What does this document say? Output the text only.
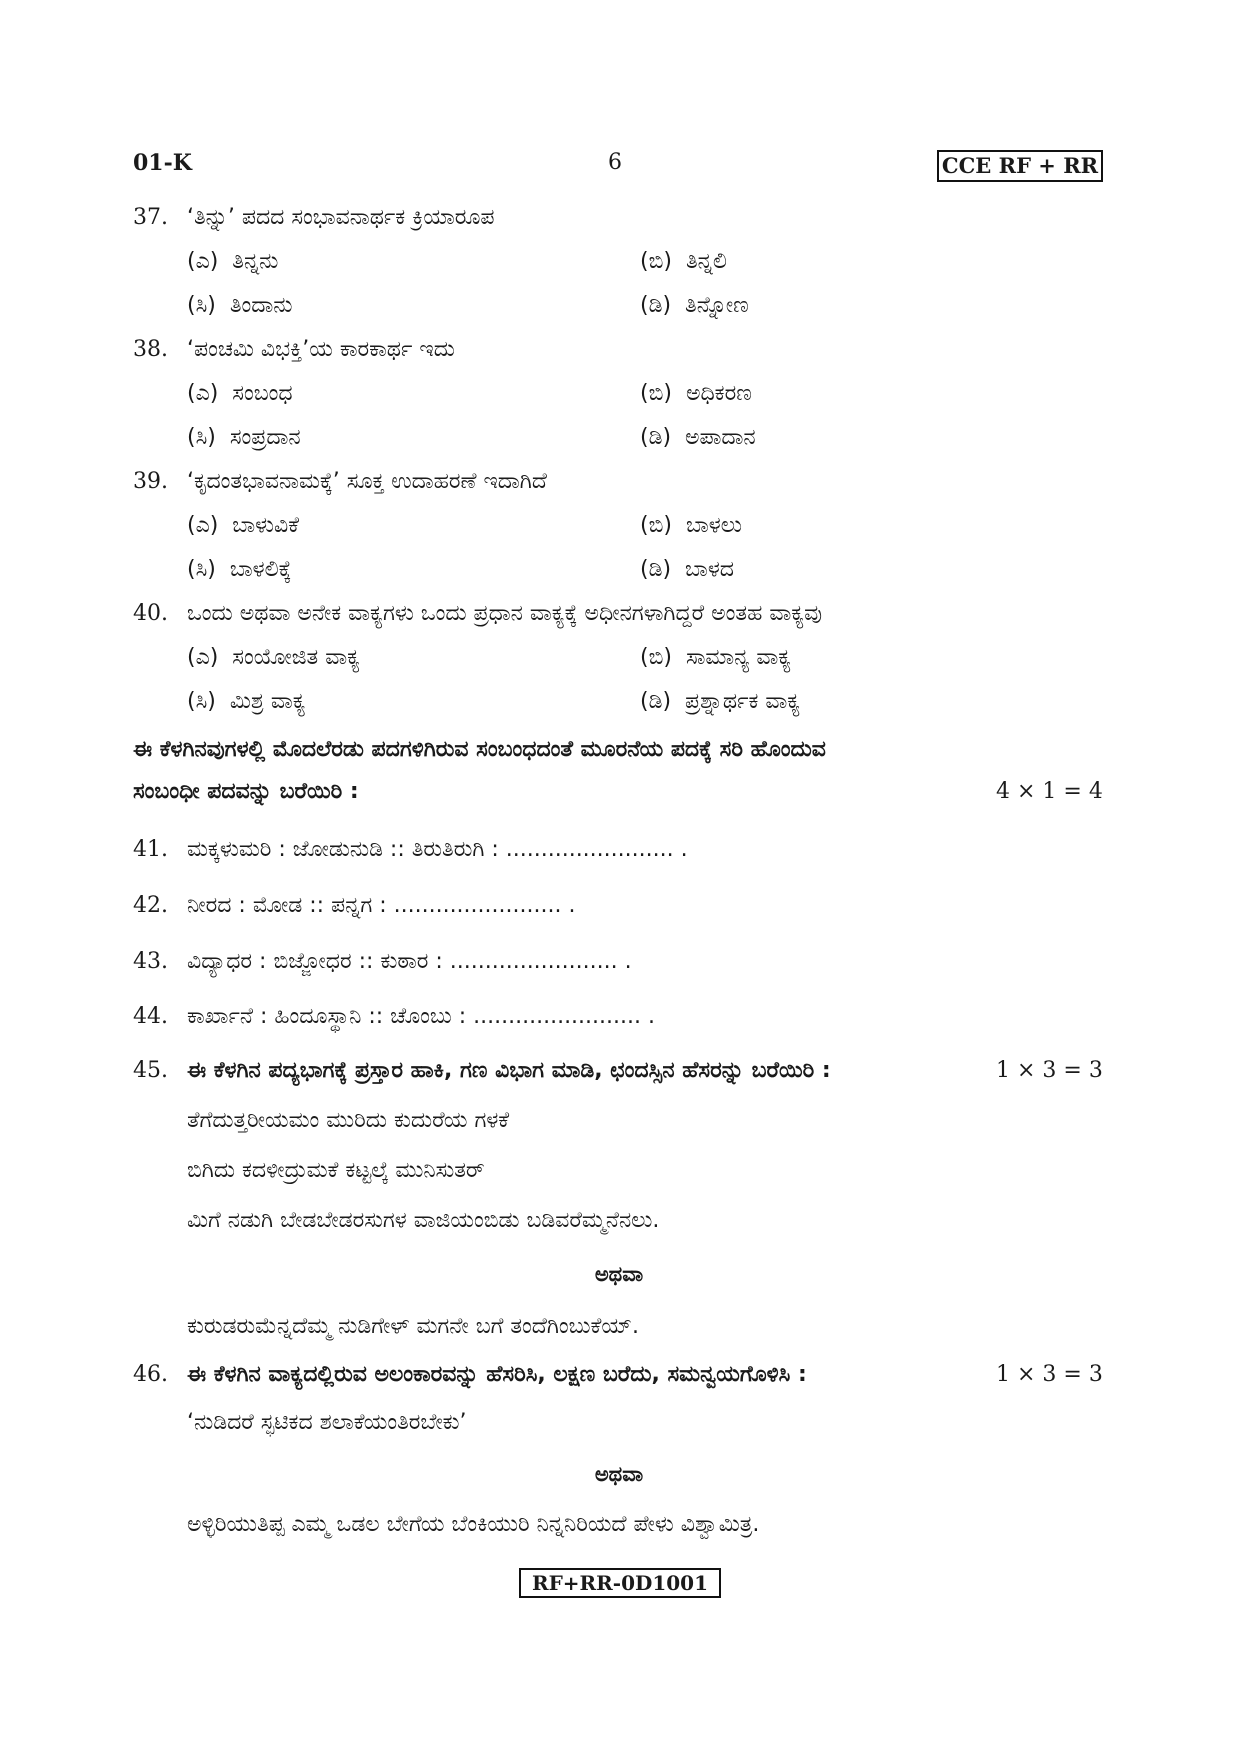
01-K	6	CCE RF + RR
37. ‘ತಿನ್ನು’ ಪದದ ಸಂಭಾವನಾರ್ಥಕ ಕ್ರಿಯಾರೂಪ
(ಎ) ತಿನ್ನನು	(ಬಿ) ತಿನ್ನಲಿ
(ಸಿ) ತಿಂದಾನು	(ಡಿ) ತಿನ್ನೋಣ
38. ‘ಪಂಚಮಿ ವಿಭಕ್ತಿ’ಯ ಕಾರಕಾರ್ಥ ಇದು
(ಎ) ಸಂಬಂಧ	(ಬಿ) ಅಧಿಕರಣ
(ಸಿ) ಸಂಪ್ರದಾನ	(ಡಿ) ಅಪಾದಾನ
39. ‘ಕೃದಂತಭಾವನಾಮಕ್ಕೆ’ ಸೂಕ್ತ ಉದಾಹರಣೆ ಇದಾಗಿದೆ
(ಎ) ಬಾಳುವಿಕೆ	(ಬಿ) ಬಾಳಲು
(ಸಿ) ಬಾಳಲಿಕ್ಕೆ	(ಡಿ) ಬಾಳದ
40. ಒಂದು ಅಥವಾ ಅನೇಕ ವಾಕ್ಯಗಳು ಒಂದು ಪ್ರಧಾನ ವಾಕ್ಯಕ್ಕೆ ಅಧೀನಗಳಾಗಿದ್ದರೆ ಅಂತಹ ವಾಕ್ಯವು
(ಎ) ಸಂಯೋಜಿತ ವಾಕ್ಯ	(ಬಿ) ಸಾಮಾನ್ಯ ವಾಕ್ಯ
(ಸಿ) ಮಿಶ್ರ ವಾಕ್ಯ	(ಡಿ) ಪ್ರಶ್ನಾರ್ಥಕ ವಾಕ್ಯ
ಈ ಕೆಳಗಿನವುಗಳಲ್ಲಿ ಮೊದಲೆರಡು ಪದಗಳಿಗಿರುವ ಸಂಬಂಧದಂತೆ ಮೂರನೆಯ ಪದಕ್ಕೆ ಸರಿ ಹೊಂದುವ
ಸಂಬಂಧೀ ಪದವನ್ನು ಬರೆಯಿರಿ :	4 × 1 = 4
41. ಮಕ್ಕಳುಮರಿ : ಜೋಡುನುಡಿ :: ತಿರುತಿರುಗಿ : ........................ .
42. ನೀರದ : ಮೋಡ :: ಪನ್ನಗ : ........................ .
43. ವಿದ್ಯಾಧರ : ಬಿಜ್ಜೋಧರ :: ಕುಠಾರ : ........................ .
44. ಕಾರ್ಖಾನೆ : ಹಿಂದೂಸ್ಥಾನಿ :: ಚೊಂಬು : ........................ .
45. ಈ ಕೆಳಗಿನ ಪದ್ಯಭಾಗಕ್ಕೆ ಪ್ರಸ್ತಾರ ಹಾಕಿ, ಗಣ ವಿಭಾಗ ಮಾಡಿ, ಛಂದಸ್ಸಿನ ಹೆಸರನ್ನು ಬರೆಯಿರಿ :	1 × 3 = 3
ತೆಗೆದುತ್ತರೀಯಮಂ ಮುರಿದು ಕುದುರೆಯ ಗಳಕೆ
ಬಿಗಿದು ಕದಳೀದ್ರುಮಕೆ ಕಟ್ಟಲ್ಕೆ ಮುನಿಸುತರ್
ಮಿಗೆ ನಡುಗಿ ಬೇಡಬೇಡರಸುಗಳ ವಾಜಿಯಂಬಿಡು ಬಡಿವರೆಮ್ಮನೆನಲು.
ಅಥವಾ
ಕುರುಡರುಮೆನ್ನದೆಮ್ಮ ನುಡಿಗೇಳ್ ಮಗನೇ ಬಗೆ ತಂದೆಗಿಂಬುಕೆಯ್.
46. ಈ ಕೆಳಗಿನ ವಾಕ್ಯದಲ್ಲಿರುವ ಅಲಂಕಾರವನ್ನು ಹೆಸರಿಸಿ, ಲಕ್ಷಣ ಬರೆದು, ಸಮನ್ವಯಗೊಳಿಸಿ :	1 × 3 = 3
‘ನುಡಿದರೆ ಸ್ಫಟಿಕದ ಶಲಾಕೆಯಂತಿರಬೇಕು’
ಅಥವಾ
ಅಳ್ಳಿರಿಯುತಿಪ್ಪ ಎಮ್ಮ ಒಡಲ ಬೇಗೆಯ ಬೆಂಕಿಯುರಿ ನಿನ್ನನಿರಿಯದೆ ಪೇಳು ವಿಶ್ವಾಮಿತ್ರ.
RF+RR-0D1001
